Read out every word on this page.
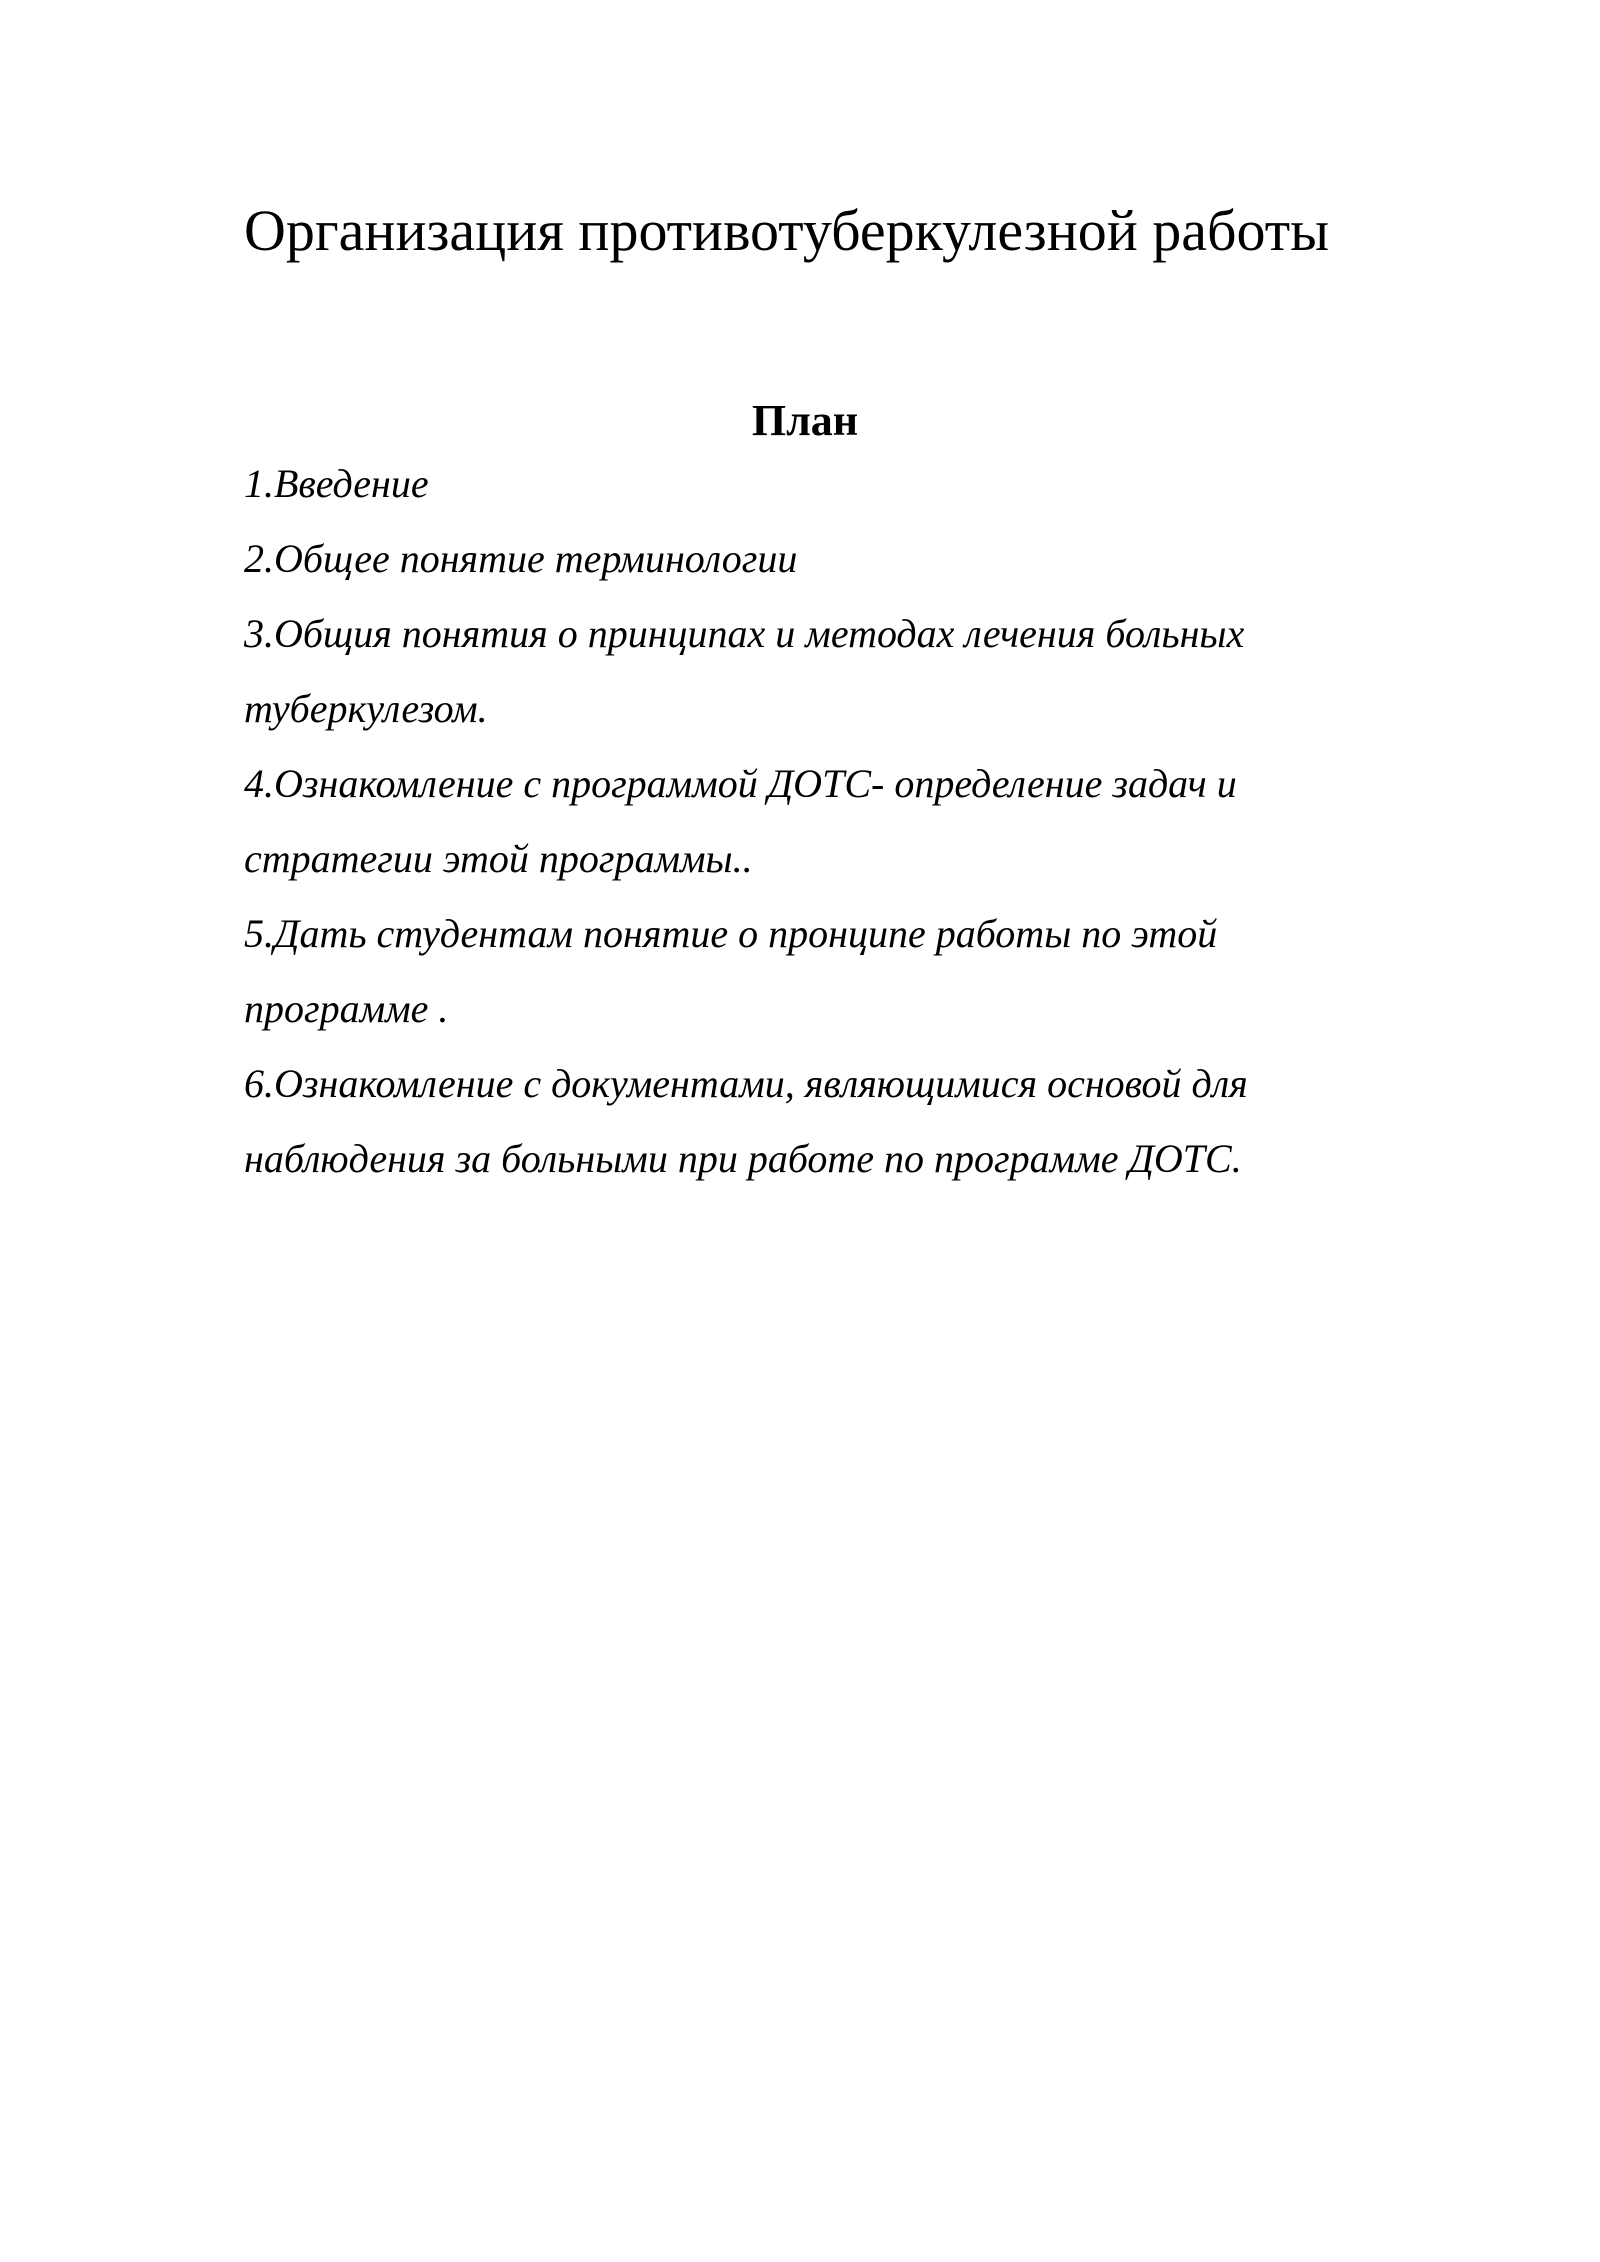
Организация противотуберкулезной работы
План
1.Введение
2.Общее понятие терминологии
3.Общия понятия о принципах и методах лечения больных туберкулезом.
4.Ознакомление с программой ДОТС- определение задач и стратегии этой программы..
5.Дать студентам понятие о пронципе работы по этой программе .
6.Ознакомление с документами, являющимися основой для наблюдения за больными при работе по программе ДОТС.
